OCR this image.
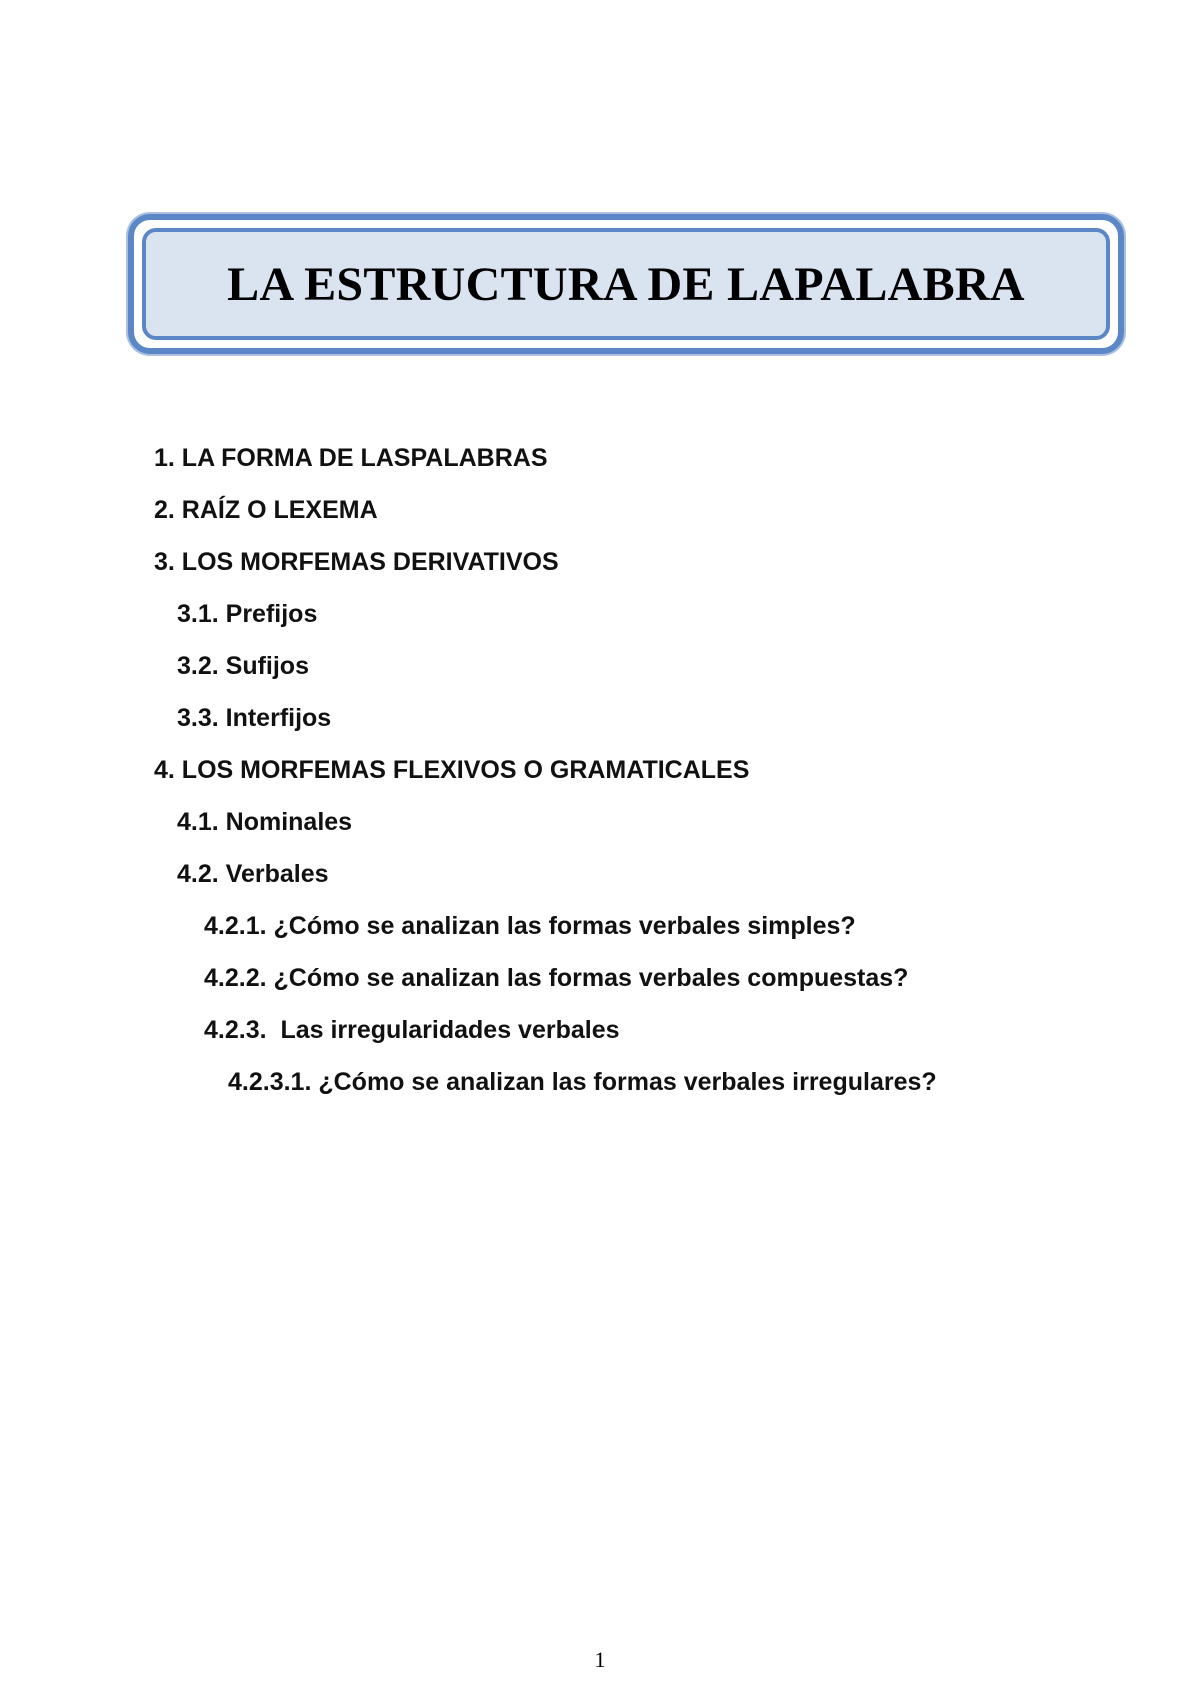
LA ESTRUCTURA DE LAPALABRA
1. LA FORMA DE LASPALABRAS
2. RAÍZ O LEXEMA
3. LOS MORFEMAS DERIVATIVOS
3.1. Prefijos
3.2. Sufijos
3.3. Interfijos
4. LOS MORFEMAS FLEXIVOS O GRAMATICALES
4.1. Nominales
4.2. Verbales
4.2.1. ¿Cómo se analizan las formas verbales simples?
4.2.2. ¿Cómo se analizan las formas verbales compuestas?
4.2.3.  Las irregularidades verbales
4.2.3.1. ¿Cómo se analizan las formas verbales irregulares?
1
